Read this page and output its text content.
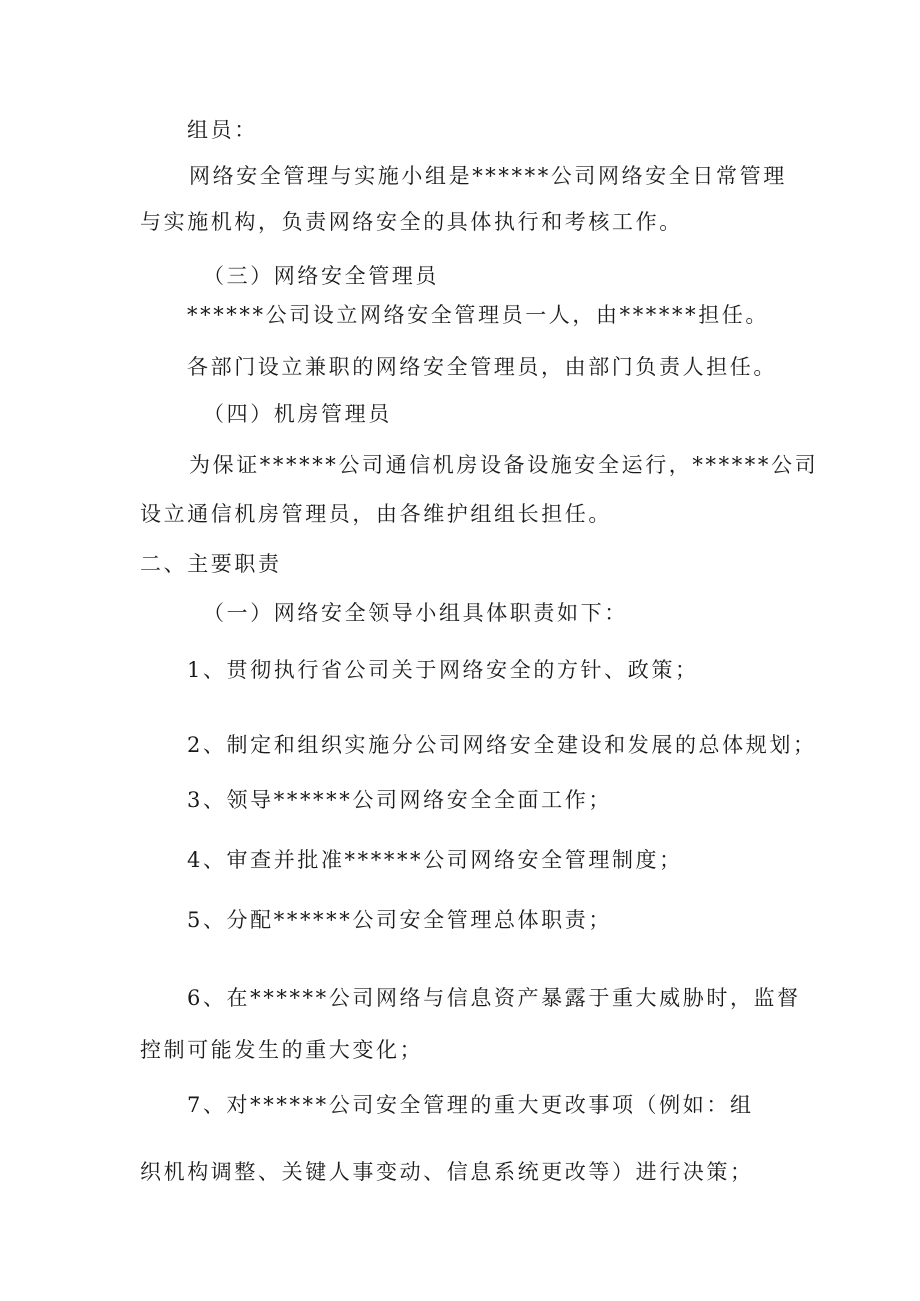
组员：
网络安全管理与实施小组是******公司网络安全日常管理
与实施机构，负责网络安全的具体执行和考核工作。
（三）网络安全管理员
******公司设立网络安全管理员一人，由******担任。
各部门设立兼职的网络安全管理员，由部门负责人担任。
（四）机房管理员
为保证******公司通信机房设备设施安全运行，******公司
设立通信机房管理员，由各维护组组长担任。
二、主要职责
（一）网络安全领导小组具体职责如下：
1、贯彻执行省公司关于网络安全的方针、政策；
2、制定和组织实施分公司网络安全建设和发展的总体规划；
3、领导******公司网络安全全面工作；
4、审查并批准******公司网络安全管理制度；
5、分配******公司安全管理总体职责；
6、在******公司网络与信息资产暴露于重大威胁时，监督
控制可能发生的重大变化；
7、对******公司安全管理的重大更改事项（例如：组
织机构调整、关键人事变动、信息系统更改等）进行决策；
